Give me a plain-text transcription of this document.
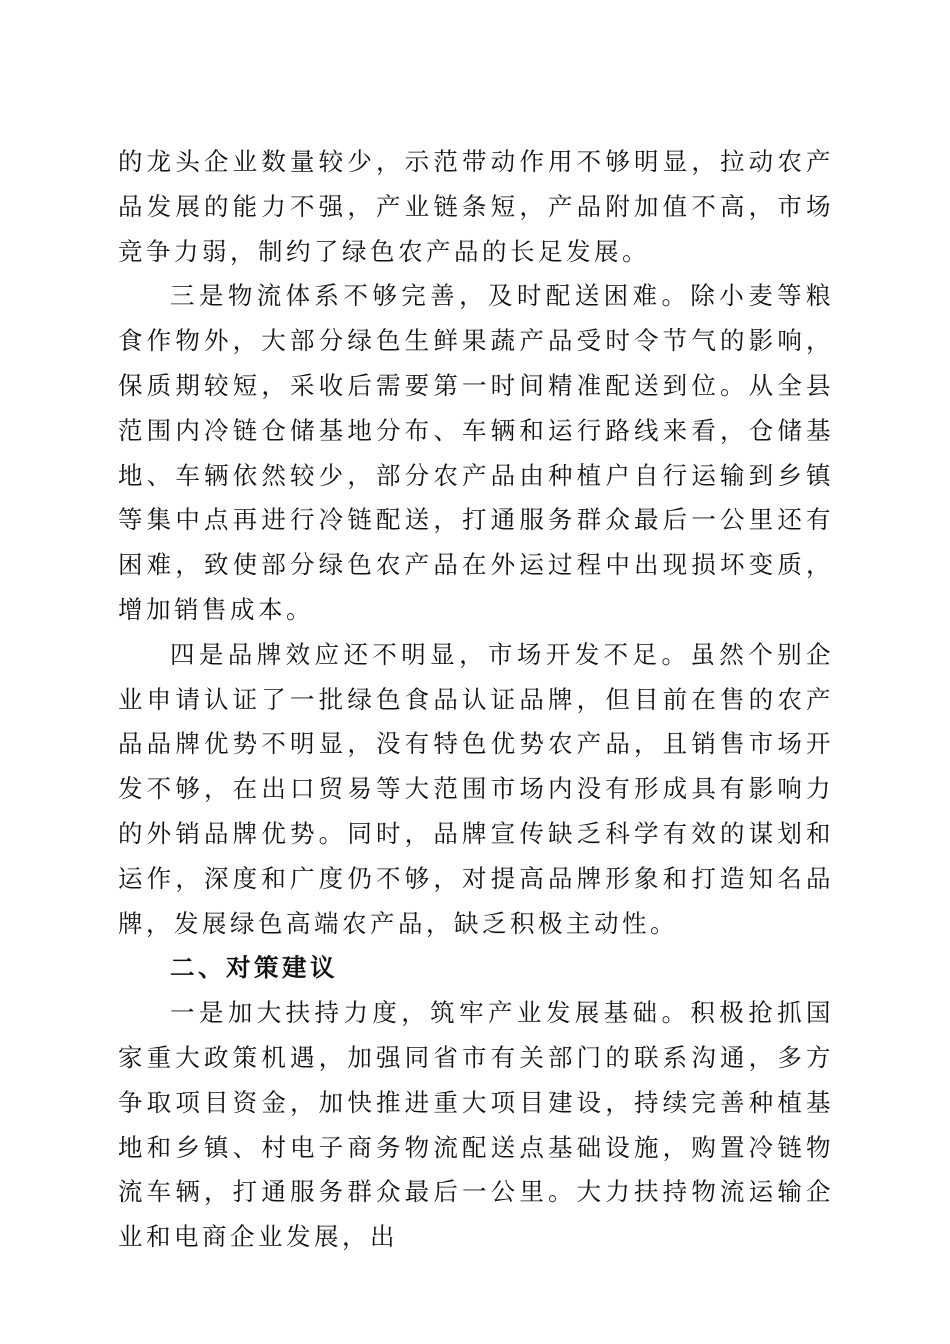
的龙头企业数量较少，示范带动作用不够明显，拉动农产品发展的能力不强，产业链条短，产品附加值不高，市场竞争力弱，制约了绿色农产品的长足发展。

三是物流体系不够完善，及时配送困难。除小麦等粮食作物外，大部分绿色生鲜果蔬产品受时令节气的影响，保质期较短，采收后需要第一时间精准配送到位。从全县范围内冷链仓储基地分布、车辆和运行路线来看，仓储基地、车辆依然较少，部分农产品由种植户自行运输到乡镇等集中点再进行冷链配送，打通服务群众最后一公里还有困难，致使部分绿色农产品在外运过程中出现损坏变质，增加销售成本。

四是品牌效应还不明显，市场开发不足。虽然个别企业申请认证了一批绿色食品认证品牌，但目前在售的农产品品牌优势不明显，没有特色优势农产品，且销售市场开发不够，在出口贸易等大范围市场内没有形成具有影响力的外销品牌优势。同时，品牌宣传缺乏科学有效的谋划和运作，深度和广度仍不够，对提高品牌形象和打造知名品牌，发展绿色高端农产品，缺乏积极主动性。

二、对策建议

一是加大扶持力度，筑牢产业发展基础。积极抢抓国家重大政策机遇，加强同省市有关部门的联系沟通，多方争取项目资金，加快推进重大项目建设，持续完善种植基地和乡镇、村电子商务物流配送点基础设施，购置冷链物流车辆，打通服务群众最后一公里。大力扶持物流运输企业和电商企业发展，出
